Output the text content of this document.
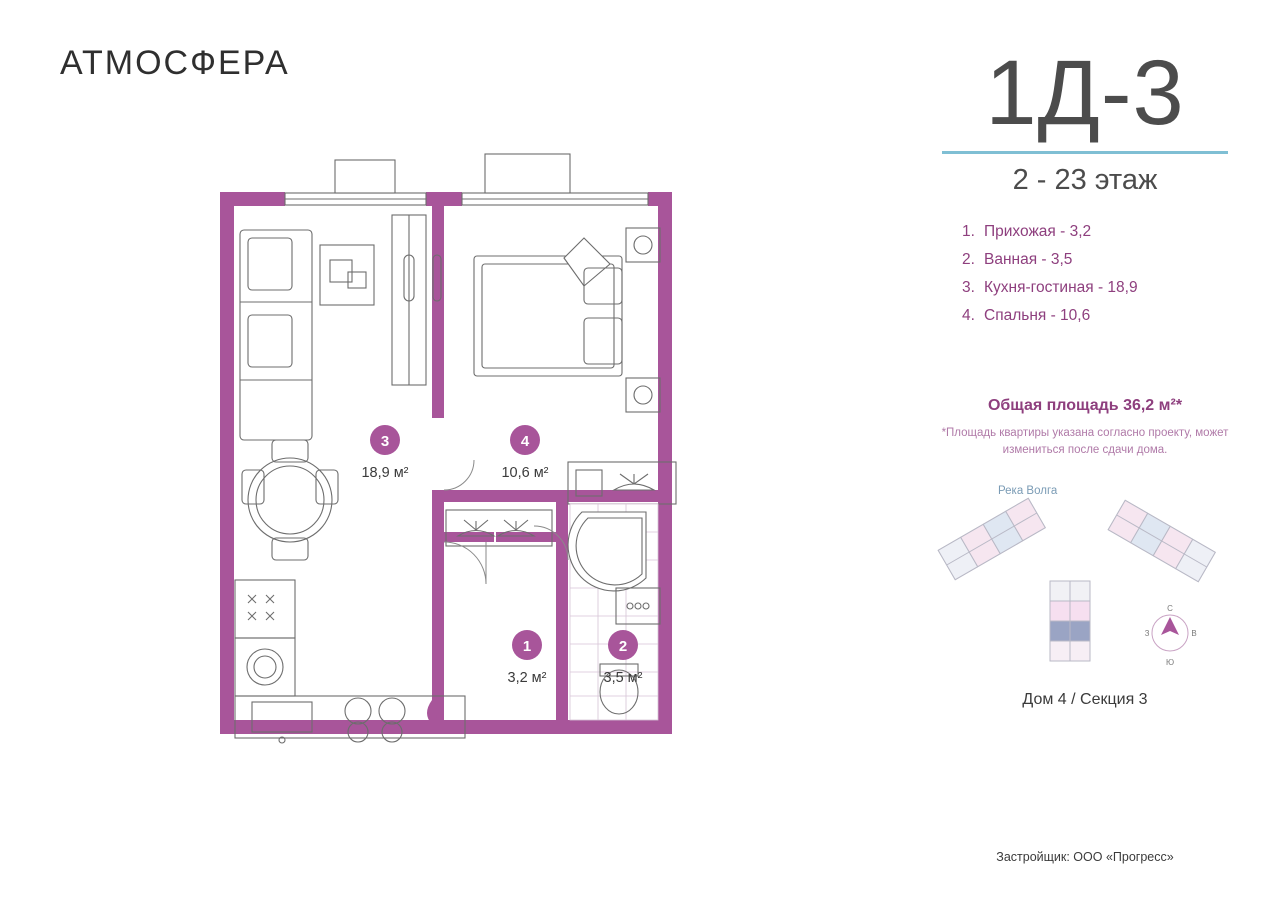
АТМОСФЕРА
3	4
1	2
18,9 м²	10,6 м²
3,2 м²	3,5 м²
1Д-3
2 - 23 этаж
1. Прихожая - 3,2
2. Ванная - 3,5
3. Кухня-гостиная - 18,9
4. Спальня - 10,6
Общая площадь 36,2 м²*
*Площадь квартиры указана согласно проекту, может измениться после сдачи дома.
Река Волга
С
Ю
В
З
Дом 4 / Секция 3
Застройщик: ООО «Прогресс»
